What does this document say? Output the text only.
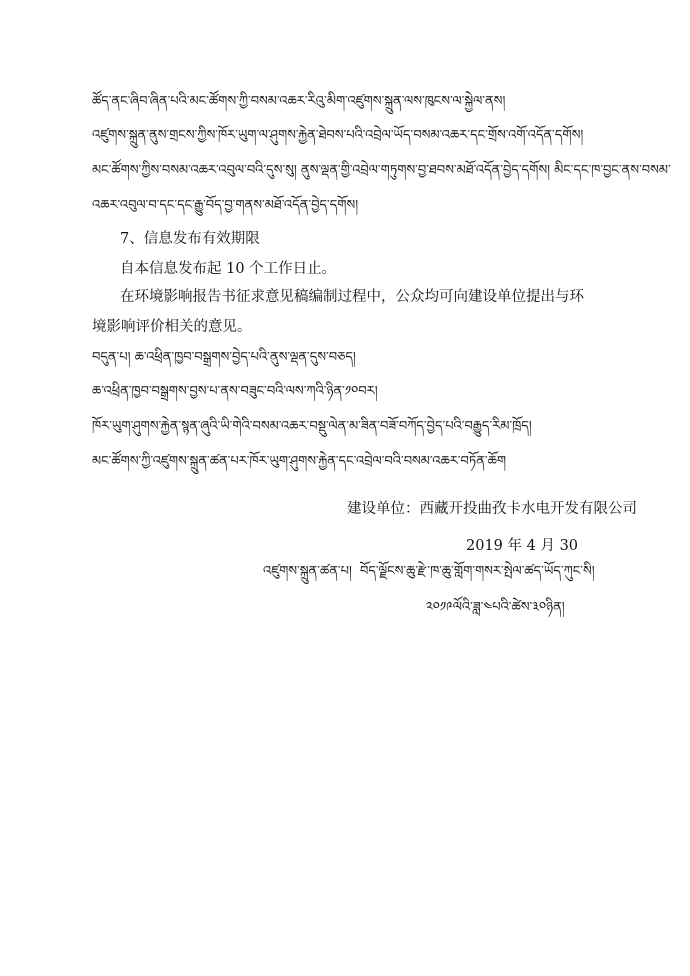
ཚོད་ནང་ཞིབ་ཞིན་པའི་མང་ཚོགས་ཀྱི་བསམ་འཆར་རིའུ་མིག་འཛུགས་སྐྲུན་ལས་ཁུངས་ལ་སྐྱེལ་ནས།
འཛུགས་སྐྲུན་ནུས་གྲངས་ཀྱིས་ཁོར་ཡུག་ལ་ཤུགས་རྐྱེན་ཐེབས་པའི་འབྲེལ་ཡོད་བསམ་འཆར་དང་གྲོས་འགོ་འདོན་དགོས།
མང་ཚོགས་ཀྱིས་བསམ་འཆར་འབུལ་བའི་དུས་སུ། ནུས་ལྡན་གྱི་འབྲེལ་གཏུགས་བྱ་ཐབས་མཐོ་འདོན་བྱེད་དགོས། མིང་དང་ཁ་བྱང་ནས་བསམ་
འཆར་འབུལ་བ་དང་དང་རྒྱུ་བོད་བྱ་གནས་མཐོ་འདོན་བྱེད་དགོས།
7、信息发布有效期限
自本信息发布起 10 个工作日止。
在环境影响报告书征求意见稿编制过程中，公众均可向建设单位提出与环境影响评价相关的意见。
བདུན་པ། ཆ་འཕྲིན་ཁྱབ་བསྒྲགས་བྱེད་པའི་ནུས་ལྡན་དུས་བཅད།
ཆ་འཕྲིན་ཁྱབ་བསྒྲགས་བྱས་པ་ནས་བཟུང་བའི་ལས་ཀའི་ཉིན་༡༠བར།
ཁོར་ཡུག་ཤུགས་རྐྱེན་སྙན་ཞུའི་ཡི་གེའི་བསམ་འཆར་བསྡུ་ལེན་མ་ཟིན་བཟོ་བཀོད་བྱེད་པའི་བརྒྱུད་རིམ་ཁྲོད།
མང་ཚོགས་ཀྱི་འཛུགས་སྐྲུན་ཚན་པར་ཁོར་ཡུག་ཤུགས་རྐྱེན་དང་འབྲེལ་བའི་བསམ་འཆར་བཏོན་ཆོག
建设单位：西藏开投曲孜卡水电开发有限公司
2019 年 4 月 30
འཛུགས་སྐྲུན་ཚན་པ། བོད་ལྗོངས་ཆུ་རྫེ་ཁ་ཆུ་གློག་གསར་སྤེལ་ཚད་ཡོད་ཀུང་སི།
༢༠༡༩ལོའི་ཟླ་༤པའི་ཚེས་༣༠ཉིན།
